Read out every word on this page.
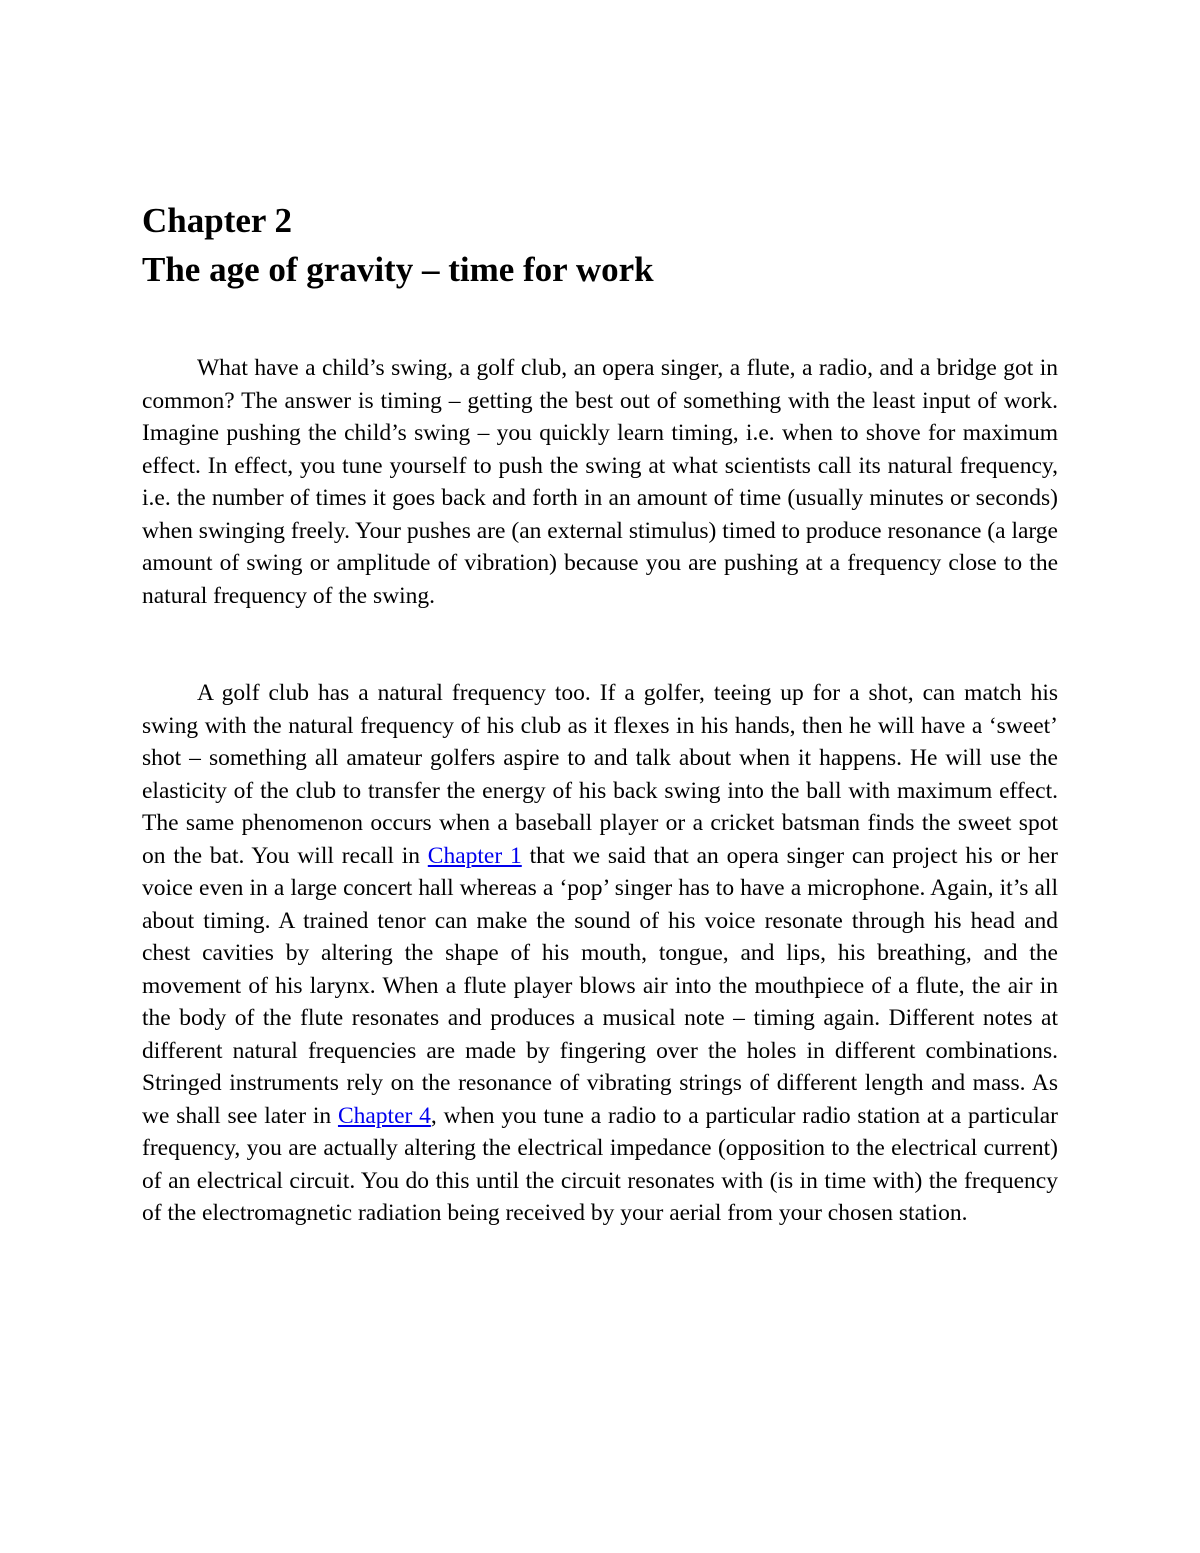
Chapter 2
The age of gravity – time for work

What have a child’s swing, a golf club, an opera singer, a flute, a radio, and a bridge got in common? The answer is timing – getting the best out of something with the least input of work. Imagine pushing the child’s swing – you quickly learn timing, i.e. when to shove for maximum effect. In effect, you tune yourself to push the swing at what scientists call its natural frequency, i.e. the number of times it goes back and forth in an amount of time (usually minutes or seconds) when swinging freely. Your pushes are (an external stimulus) timed to produce resonance (a large amount of swing or amplitude of vibration) because you are pushing at a frequency close to the natural frequency of the swing.

A golf club has a natural frequency too. If a golfer, teeing up for a shot, can match his swing with the natural frequency of his club as it flexes in his hands, then he will have a ‘sweet’ shot – something all amateur golfers aspire to and talk about when it happens. He will use the elasticity of the club to transfer the energy of his back swing into the ball with maximum effect. The same phenomenon occurs when a baseball player or a cricket batsman finds the sweet spot on the bat. You will recall in Chapter 1 that we said that an opera singer can project his or her voice even in a large concert hall whereas a ‘pop’ singer has to have a microphone. Again, it’s all about timing. A trained tenor can make the sound of his voice resonate through his head and chest cavities by altering the shape of his mouth, tongue, and lips, his breathing, and the movement of his larynx. When a flute player blows air into the mouthpiece of a flute, the air in the body of the flute resonates and produces a musical note – timing again. Different notes at different natural frequencies are made by fingering over the holes in different combinations. Stringed instruments rely on the resonance of vibrating strings of different length and mass. As we shall see later in Chapter 4, when you tune a radio to a particular radio station at a particular frequency, you are actually altering the electrical impedance (opposition to the electrical current) of an electrical circuit. You do this until the circuit resonates with (is in time with) the frequency of the electromagnetic radiation being received by your aerial from your chosen station.
